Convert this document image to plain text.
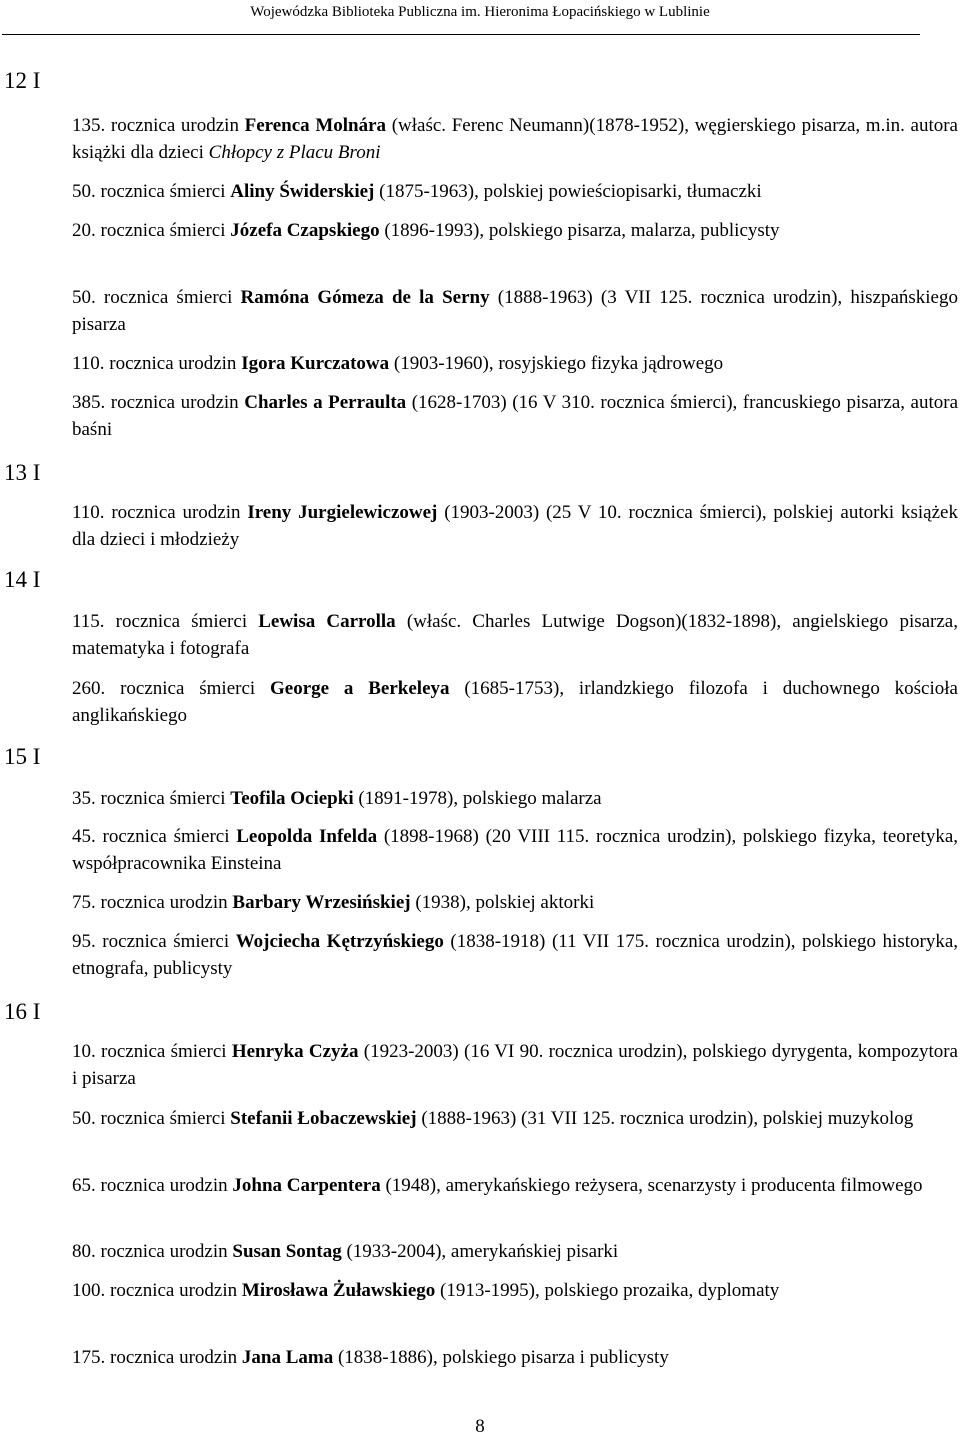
Wojewódzka Biblioteka Publiczna im. Hieronima Łopacińskiego w Lublinie
12 I
13 I
14 I
15 I
16 I
135. rocznica urodzin Ferenca Molnára (właśc. Ferenc Neumann)(1878-1952), węgierskiego pisarza, m.in. autora książki dla dzieci Chłopcy z Placu Broni
50. rocznica śmierci Aliny Świderskiej (1875-1963), polskiej powieściopisarki, tłumaczki
20. rocznica śmierci Józefa Czapskiego (1896-1993), polskiego pisarza, malarza, publicysty
50. rocznica śmierci Ramóna Gómeza de la Serny (1888-1963) (3 VII 125. rocznica urodzin), hiszpańskiego pisarza
110. rocznica urodzin Igora Kurczatowa (1903-1960), rosyjskiego fizyka jądrowego
385. rocznica urodzin Charles a Perraulta (1628-1703) (16 V 310. rocznica śmierci), francuskiego pisarza, autora baśni
110. rocznica urodzin Ireny Jurgielewiczowej (1903-2003) (25 V 10. rocznica śmierci), polskiej autorki książek dla dzieci i młodzieży
115. rocznica śmierci Lewisa Carrolla (właśc. Charles Lutwige Dogson)(1832-1898), angielskiego pisarza, matematyka i fotografa
260. rocznica śmierci George a Berkeleya (1685-1753), irlandzkiego filozofa i duchownego kościoła anglikańskiego
35. rocznica śmierci Teofila Ociepki (1891-1978), polskiego malarza
45. rocznica śmierci Leopolda Infelda (1898-1968) (20 VIII 115. rocznica urodzin), polskiego fizyka, teoretyka, współpracownika Einsteina
75. rocznica urodzin Barbary Wrzesińskiej (1938), polskiej aktorki
95. rocznica śmierci Wojciecha Kętrzyńskiego (1838-1918) (11 VII 175. rocznica urodzin), polskiego historyka, etnografa, publicysty
10. rocznica śmierci Henryka Czyża (1923-2003) (16 VI 90. rocznica urodzin), polskiego dyrygenta, kompozytora i pisarza
50. rocznica śmierci Stefanii Łobaczewskiej (1888-1963) (31 VII 125. rocznica urodzin), polskiej muzykolog
65. rocznica urodzin Johna Carpentera (1948), amerykańskiego reżysera, scenarzysty i producenta filmowego
80. rocznica urodzin Susan Sontag (1933-2004), amerykańskiej pisarki
100. rocznica urodzin Mirosława Żuławskiego (1913-1995), polskiego prozaika, dyplomaty
175. rocznica urodzin Jana Lama (1838-1886), polskiego pisarza i publicysty
8
